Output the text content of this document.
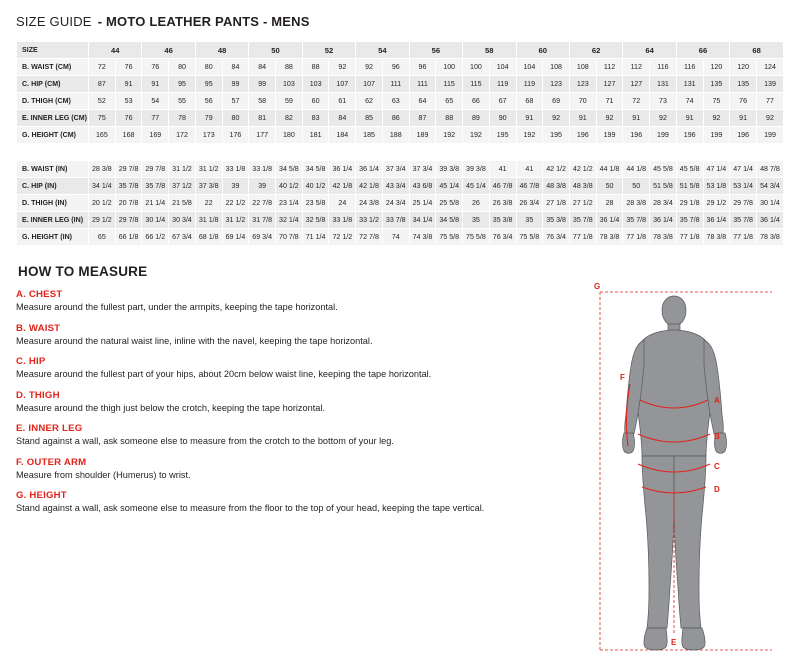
SIZE GUIDE - MOTO LEATHER PANTS - MENS
SIZE	44		46		48		50		52		54		56		58		60		62		64		66		68	
B. WAIST (CM)	72	76	76	80	80	84	84	88	88	92	92	96	96	100	100	104	104	108	108	112	112	116	116	120	120	124
C. HIP (CM)	87	91	91	95	95	99	99	103	103	107	107	111	111	115	115	119	119	123	123	127	127	131	131	135	135	139
D. THIGH (CM)	52	53	54	55	56	57	58	59	60	61	62	63	64	65	66	67	68	69	70	71	72	73	74	75	76	77
E. INNER LEG (CM)	75	76	77	78	79	80	81	82	83	84	85	86	87	88	89	90	91	92	91	92	91	92	91	92	91	92
G. HEIGHT (CM)	165	168	169	172	173	176	177	180	181	184	185	188	189	192	192	195	192	195	196	199	196	199	196	199	196	199

B. WAIST (IN)	28 3/8	29 7/8	29 7/8	31 1/2	31 1/2	33 1/8	33 1/8	34 5/8	34 5/8	36 1/4	36 1/4	37 3/4	37 3/4	39 3/8	39 3/8	41	41	42 1/2	42 1/2	44 1/8	44 1/8	45 5/8	45 5/8	47 1/4	47 1/4	48 7/8
C. HIP (IN)	34 1/4	35 7/8	35 7/8	37 1/2	37 3/8	39	39	40 1/2	40 1/2	42 1/8	42 1/8	43 3/4	43 6/8	45 1/4	45 1/4	46 7/8	46 7/8	48 3/8	48 3/8	50	50	51 5/8	51 5/8	53 1/8	53 1/4	54 3/4
D. THIGH (IN)	20 1/2	20 7/8	21 1/4	21 5/8	22	22 1/2	22 7/8	23 1/4	23 5/8	24	24 3/8	24 3/4	25 1/4	25 5/8	26	26 3/8	26 3/4	27 1/8	27 1/2	28	28 3/8	28 3/4	29 1/8	29 1/2	29 7/8	30 1/4
E. INNER LEG (IN)	29 1/2	29 7/8	30 1/4	30 3/4	31 1/8	31 1/2	31 7/8	32 1/4	32 5/8	33 1/8	33 1/2	33 7/8	34 1/4	34 5/8	35	35 3/8	35	35 3/8	35 7/8	36 1/4	35 7/8	36 1/4	35 7/8	36 1/4	35 7/8	36 1/4
G. HEIGHT (IN)	65	66 1/8	66 1/2	67 3/4	68 1/8	69 1/4	69 3/4	70 7/8	71 1/4	72 1/2	72 7/8	74	74 3/8	75 5/8	75 5/8	76 3/4	75 5/8	76 3/4	77 1/8	78 3/8	77 1/8	78 3/8	77 1/8	78 3/8	77 1/8	78 3/8
HOW TO MEASURE
A. CHEST
Measure around the fullest part, under the armpits, keeping the tape horizontal.
B. WAIST
Measure around the natural waist line, inline with the navel, keeping the tape horizontal.
C. HIP
Measure around the fullest part of your hips, about 20cm below waist line, keeping the tape horizontal.
D. THIGH
Measure around the thigh just below the crotch, keeping the tape horizontal.
E. INNER LEG
Stand against a wall, ask someone else to measure from the crotch to the bottom of your leg.
F. OUTER ARM
Measure from shoulder (Humerus) to wrist.
G. HEIGHT
Stand against a wall, ask someone else to measure from the floor to the top of your head, keeping the tape vertical.
G
F
A
B
C
D
E
